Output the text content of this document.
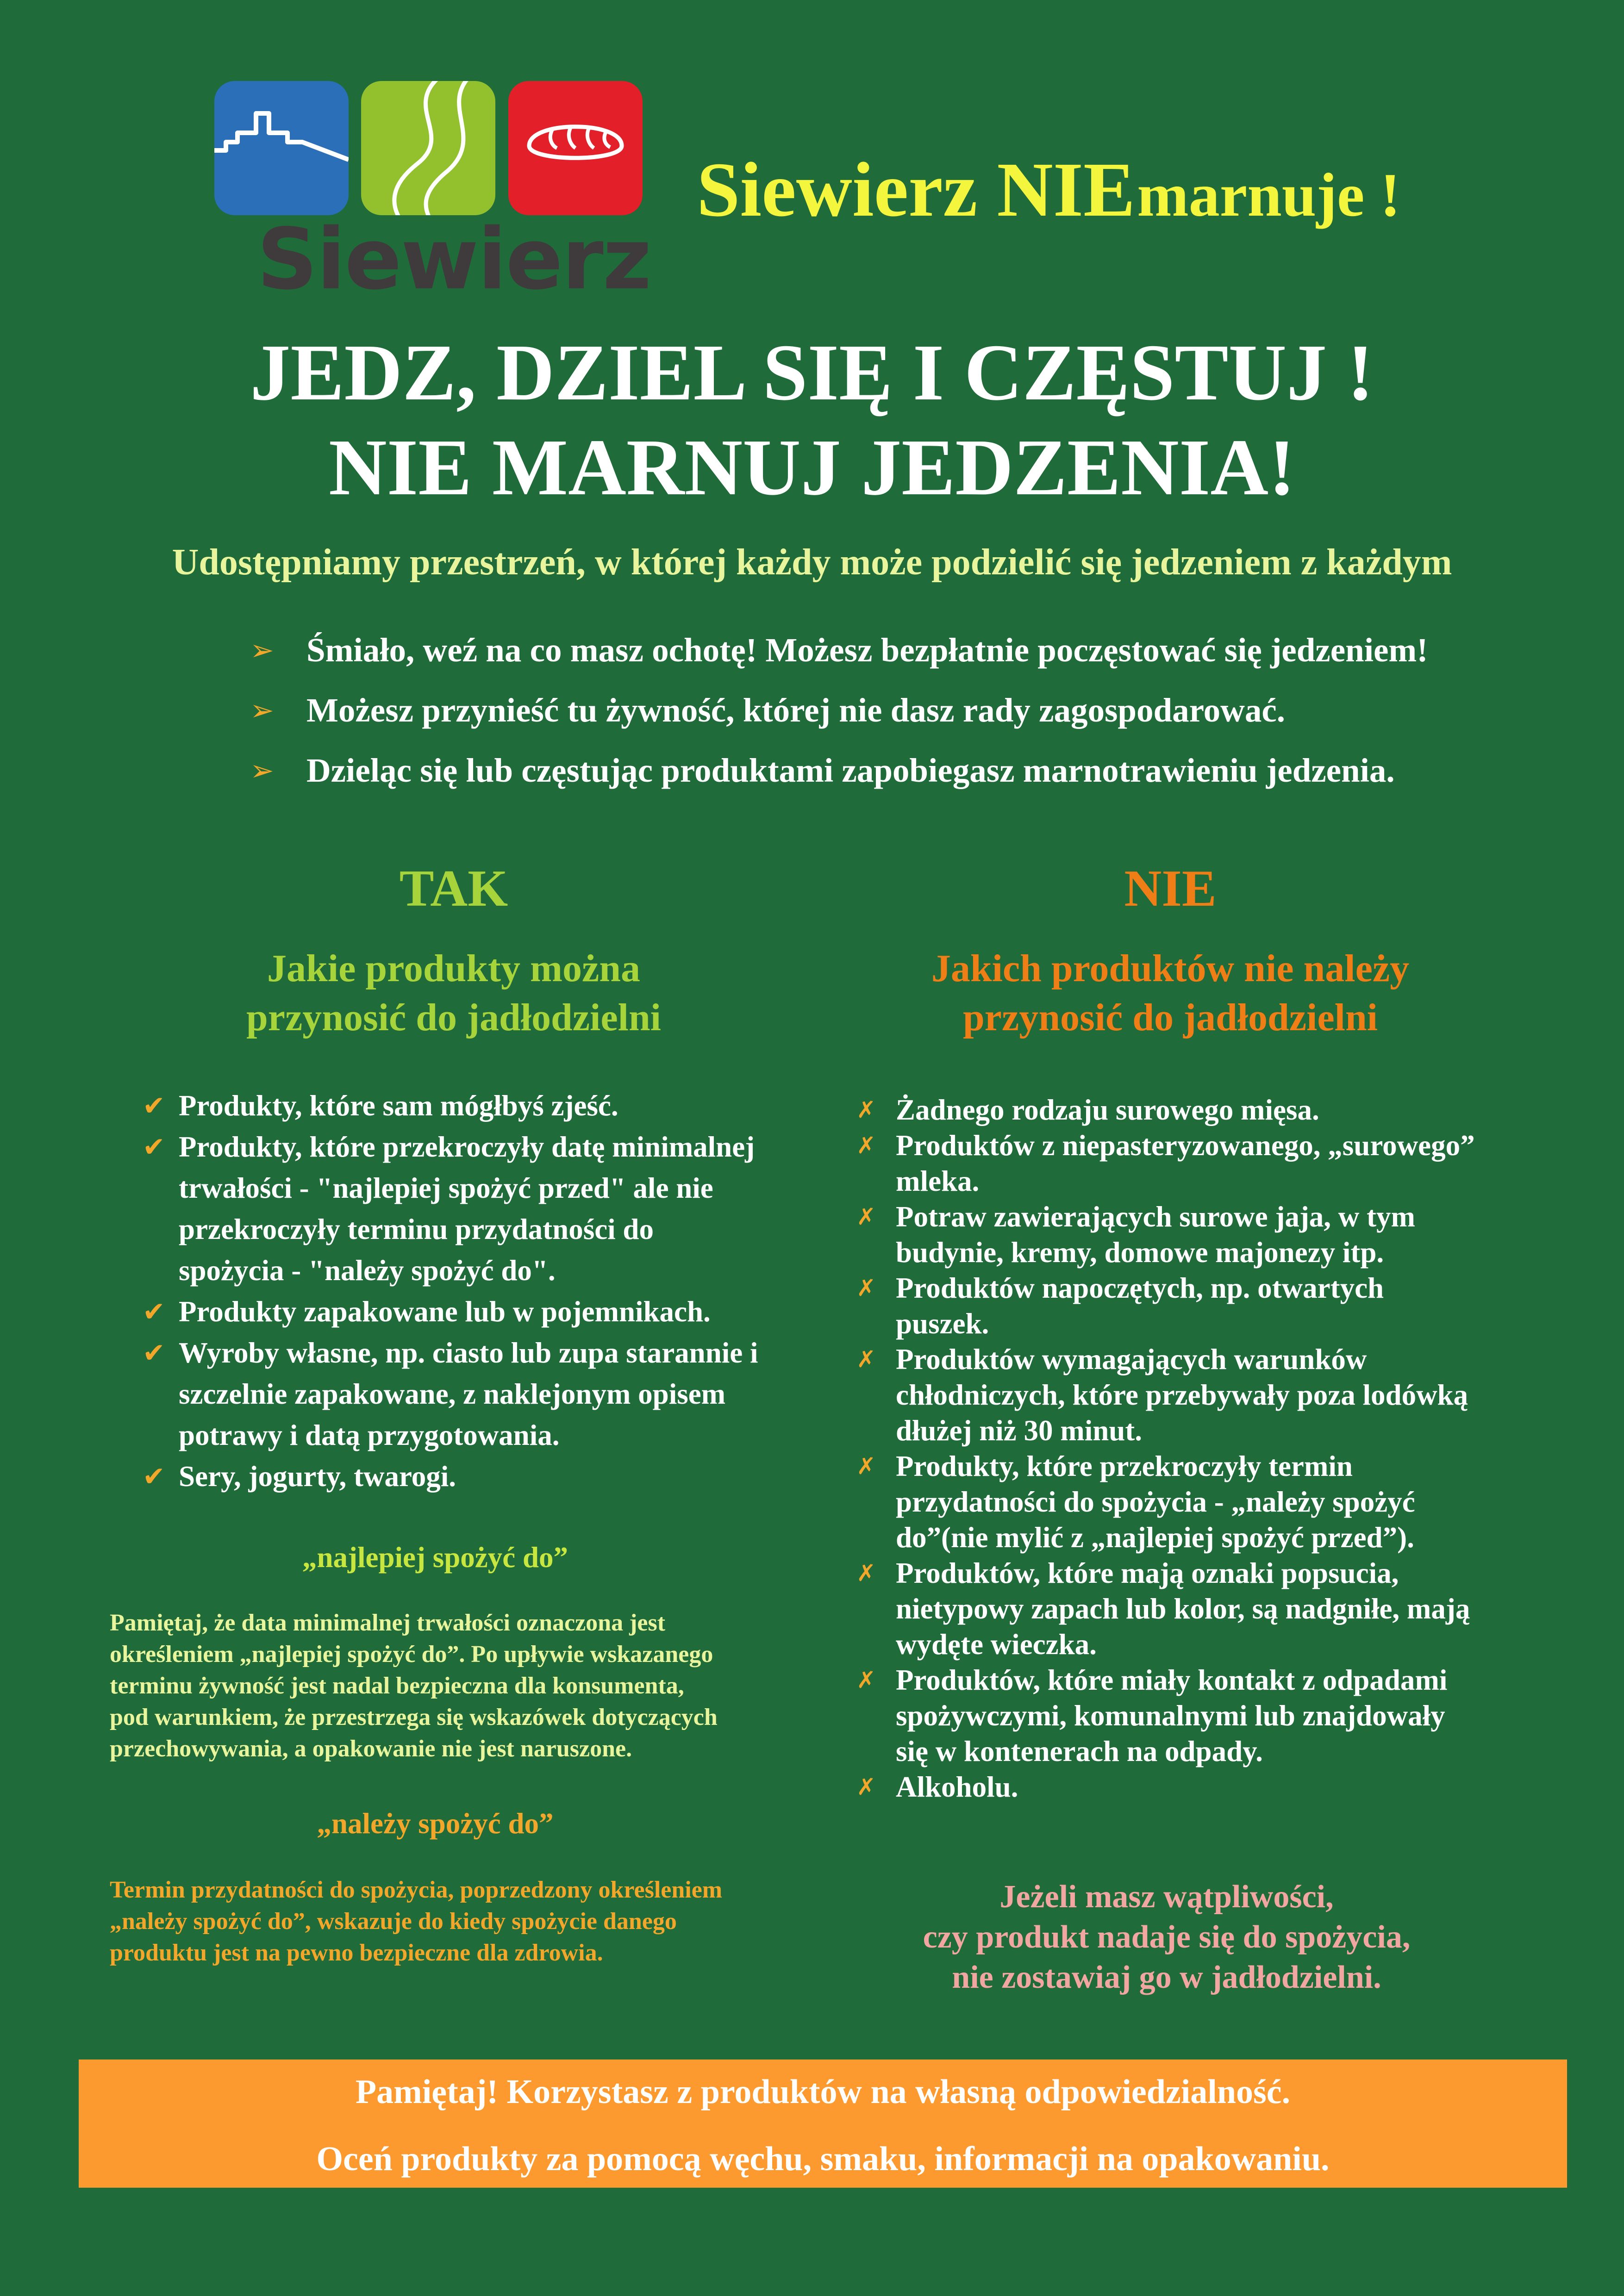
Siewierz
Siewierz NIE marnuje !
JEDZ, DZIEL SIĘ I CZĘSTUJ !
NIE MARNUJ JEDZENIA!
Udostępniamy przestrzeń, w której każdy może podzielić się jedzeniem z każdym
➢ Śmiało, weź na co masz ochotę! Możesz bezpłatnie poczęstować się jedzeniem!
➢ Możesz przynieść tu żywność, której nie dasz rady zagospodarować.
➢ Dzieląc się lub częstując produktami zapobiegasz marnotrawieniu jedzenia.
TAK
Jakie produkty można
przynosić do jadłodzielni
✔ Produkty, które sam mógłbyś zjeść.
✔ Produkty, które przekroczyły datę minimalnej
trwałości - "najlepiej spożyć przed" ale nie
przekroczyły terminu przydatności do
spożycia - "należy spożyć do".
✔ Produkty zapakowane lub w pojemnikach.
✔ Wyroby własne, np. ciasto lub zupa starannie i
szczelnie zapakowane, z naklejonym opisem
potrawy i datą przygotowania.
✔ Sery, jogurty, twarogi.
NIE
Jakich produktów nie należy
przynosić do jadłodzielni
✗ Żadnego rodzaju surowego mięsa.
✗ Produktów z niepasteryzowanego, „surowego”
mleka.
✗ Potraw zawierających surowe jaja, w tym
budynie, kremy, domowe majonezy itp.
✗ Produktów napoczętych, np. otwartych
puszek.
✗ Produktów wymagających warunków
chłodniczych, które przebywały poza lodówką
dłużej niż 30 minut.
✗ Produkty, które przekroczyły termin
przydatności do spożycia - „należy spożyć
do”(nie mylić z „najlepiej spożyć przed”).
✗ Produktów, które mają oznaki popsucia,
nietypowy zapach lub kolor, są nadgniłe, mają
wydęte wieczka.
✗ Produktów, które miały kontakt z odpadami
spożywczymi, komunalnymi lub znajdowały
się w kontenerach na odpady.
✗ Alkoholu.
„najlepiej spożyć do”
Pamiętaj, że data minimalnej trwałości oznaczona jest
określeniem „najlepiej spożyć do”. Po upływie wskazanego
terminu żywność jest nadal bezpieczna dla konsumenta,
pod warunkiem, że przestrzega się wskazówek dotyczących
przechowywania, a opakowanie nie jest naruszone.
„należy spożyć do”
Termin przydatności do spożycia, poprzedzony określeniem
„należy spożyć do”, wskazuje do kiedy spożycie danego
produktu jest na pewno bezpieczne dla zdrowia.
Jeżeli masz wątpliwości,
czy produkt nadaje się do spożycia,
nie zostawiaj go w jadłodzielni.
Pamiętaj! Korzystasz z produktów na własną odpowiedzialność.
Oceń produkty za pomocą węchu, smaku, informacji na opakowaniu.
